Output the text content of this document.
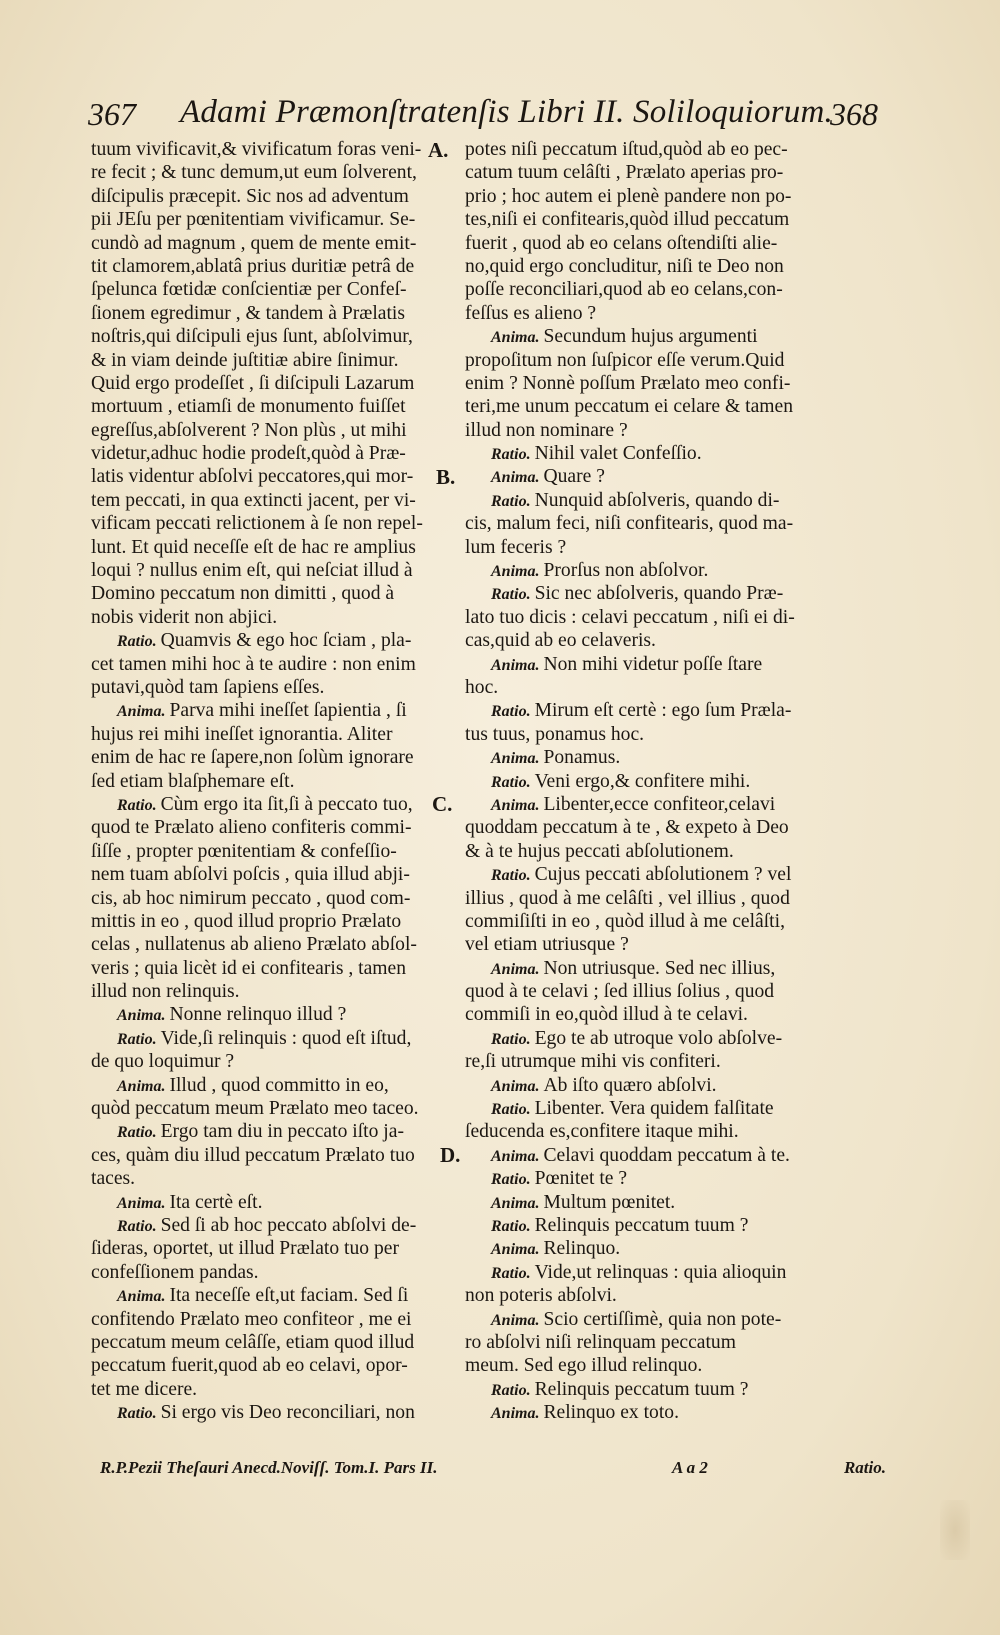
367 Adami Præmonſtratenſis Libri II. Soliloquiorum.
368
tuum vivificavit,& vivificatum foras veni-
re fecit ; & tunc demum,ut eum ſolverent,
diſcipulis præcepit. Sic nos ad adventum
pii JEſu per pœnitentiam vivificamur. Se-
cundò ad magnum , quem de mente emit-
tit clamorem,ablatâ prius duritiæ petrâ de
ſpelunca fœtidæ conſcientiæ per Confeſ-
ſionem egredimur , & tandem à Prælatis
noſtris,qui diſcipuli ejus ſunt, abſolvimur,
& in viam deinde juſtitiæ abire ſinimur.
Quid ergo prodeſſet , ſi diſcipuli Lazarum
mortuum , etiamſi de monumento fuiſſet
egreſſus,abſolverent ? Non plùs , ut mihi
videtur,adhuc hodie prodeſt,quòd à Præ-
latis videntur abſolvi peccatores,qui mor-
tem peccati, in qua extincti jacent, per vi-
vificam peccati relictionem à ſe non repel-
lunt. Et quid neceſſe eſt de hac re amplius
loqui ? nullus enim eſt, qui neſciat illud à
Domino peccatum non dimitti , quod à
nobis viderit non abjici.
Ratio. Quamvis & ego hoc ſciam , pla-
cet tamen mihi hoc à te audire : non enim
putavi,quòd tam ſapiens eſſes.
Anima. Parva mihi ineſſet ſapientia , ſi
hujus rei mihi ineſſet ignorantia. Aliter
enim de hac re ſapere,non ſolùm ignorare
ſed etiam blaſphemare eſt.
Ratio. Cùm ergo ita ſit,ſi à peccato tuo,
quod te Prælato alieno confiteris commi-
ſiſſe , propter pœnitentiam & confeſſio-
nem tuam abſolvi poſcis , quia illud abji-
cis, ab hoc nimirum peccato , quod com-
mittis in eo , quod illud proprio Prælato
celas , nullatenus ab alieno Prælato abſol-
veris ; quia licèt id ei confitearis , tamen
illud non relinquis.
Anima. Nonne relinquo illud ?
Ratio. Vide,ſi relinquis : quod eſt iſtud,
de quo loquimur ?
Anima. Illud , quod committo in eo,
quòd peccatum meum Prælato meo taceo.
Ratio. Ergo tam diu in peccato iſto ja-
ces, quàm diu illud peccatum Prælato tuo
taces.
Anima. Ita certè eſt.
Ratio. Sed ſi ab hoc peccato abſolvi de-
ſideras, oportet, ut illud Prælato tuo per
confeſſionem pandas.
Anima. Ita neceſſe eſt,ut faciam. Sed ſi
confitendo Prælato meo confiteor , me ei
peccatum meum celâſſe, etiam quod illud
peccatum fuerit,quod ab eo celavi, opor-
tet me dicere.
Ratio. Si ergo vis Deo reconciliari, non
potes niſi peccatum iſtud,quòd ab eo pec-
catum tuum celâſti , Prælato aperias pro-
prio ; hoc autem ei plenè pandere non po-
tes,niſi ei confitearis,quòd illud peccatum
fuerit , quod ab eo celans oſtendiſti alie-
no,quid ergo concluditur, niſi te Deo non
poſſe reconciliari,quod ab eo celans,con-
feſſus es alieno ?
Anima. Secundum hujus argumenti
propoſitum non ſuſpicor eſſe verum.Quid
enim ? Nonnè poſſum Prælato meo confi-
teri,me unum peccatum ei celare & tamen
illud non nominare ?
Ratio. Nihil valet Confeſſio.
Anima. Quare ?
Ratio. Nunquid abſolveris, quando di-
cis, malum feci, niſi confitearis, quod ma-
lum feceris ?
Anima. Prorſus non abſolvor.
Ratio. Sic nec abſolveris, quando Præ-
lato tuo dicis : celavi peccatum , niſi ei di-
cas,quid ab eo celaveris.
Anima. Non mihi videtur poſſe ſtare
hoc.
Ratio. Mirum eſt certè : ego ſum Præla-
tus tuus, ponamus hoc.
Anima. Ponamus.
Ratio. Veni ergo,& confitere mihi.
Anima. Libenter,ecce confiteor,celavi
quoddam peccatum à te , & expeto à Deo
& à te hujus peccati abſolutionem.
Ratio. Cujus peccati abſolutionem ? vel
illius , quod à me celâſti , vel illius , quod
commiſiſti in eo , quòd illud à me celâſti,
vel etiam utriusque ?
Anima. Non utriusque. Sed nec illius,
quod à te celavi ; ſed illius ſolius , quod
commiſi in eo,quòd illud à te celavi.
Ratio. Ego te ab utroque volo abſolve-
re,ſi utrumque mihi vis confiteri.
Anima. Ab iſto quæro abſolvi.
Ratio. Libenter. Vera quidem falſitate
ſeducenda es,confitere itaque mihi.
Anima. Celavi quoddam peccatum à te.
Ratio. Pœnitet te ?
Anima. Multum pœnitet.
Ratio. Relinquis peccatum tuum ?
Anima. Relinquo.
Ratio. Vide,ut relinquas : quia alioquin
non poteris abſolvi.
Anima. Scio certiſſimè, quia non pote-
ro abſolvi niſi relinquam peccatum
meum. Sed ego illud relinquo.
Ratio. Relinquis peccatum tuum ?
Anima. Relinquo ex toto.
A.
B.
C.
D.
R.P.Pezii Theſauri Anecd.Noviſſ. Tom.I. Pars II.	A a 2	Ratio.
